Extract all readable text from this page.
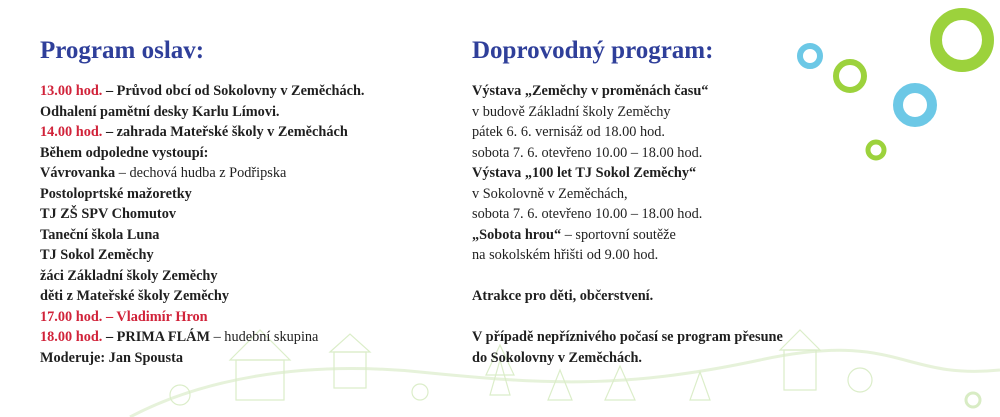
Program oslav:
13.00 hod. – Průvod obcí od Sokolovny v Zeměchách.
Odhalení pamětní desky Karlu Límovi.
14.00 hod. – zahrada Mateřské školy v Zeměchách
Během odpoledne vystoupí:
Vávrovanka – dechová hudba z Podřipska
Postoloprtské mažoretky
TJ ZŠ SPV Chomutov
Taneční škola Luna
TJ Sokol Zeměchy
žáci Základní školy Zeměchy
děti z Mateřské školy Zeměchy
17.00 hod. – Vladimír Hron
18.00 hod. – PRIMA FLÁM – hudební skupina
Moderuje: Jan Spousta
Doprovodný program:
Výstava „Zeměchy v proměnách času“
v budově Základní školy Zeměchy
pátek 6. 6. vernisáž od 18.00 hod.
sobota 7. 6. otevřeno 10.00 – 18.00 hod.
Výstava „100 let TJ Sokol Zeměchy“
v Sokolovně v Zeměchách,
sobota 7. 6. otevřeno 10.00 – 18.00 hod.
„Sobota hrou“ – sportovní soutěže
na sokolském hřišti od 9.00 hod.
Atrakce pro děti, občerstvení.
V případě nepříznivého počasí se program přesune
do Sokolovny v Zeměchách.
